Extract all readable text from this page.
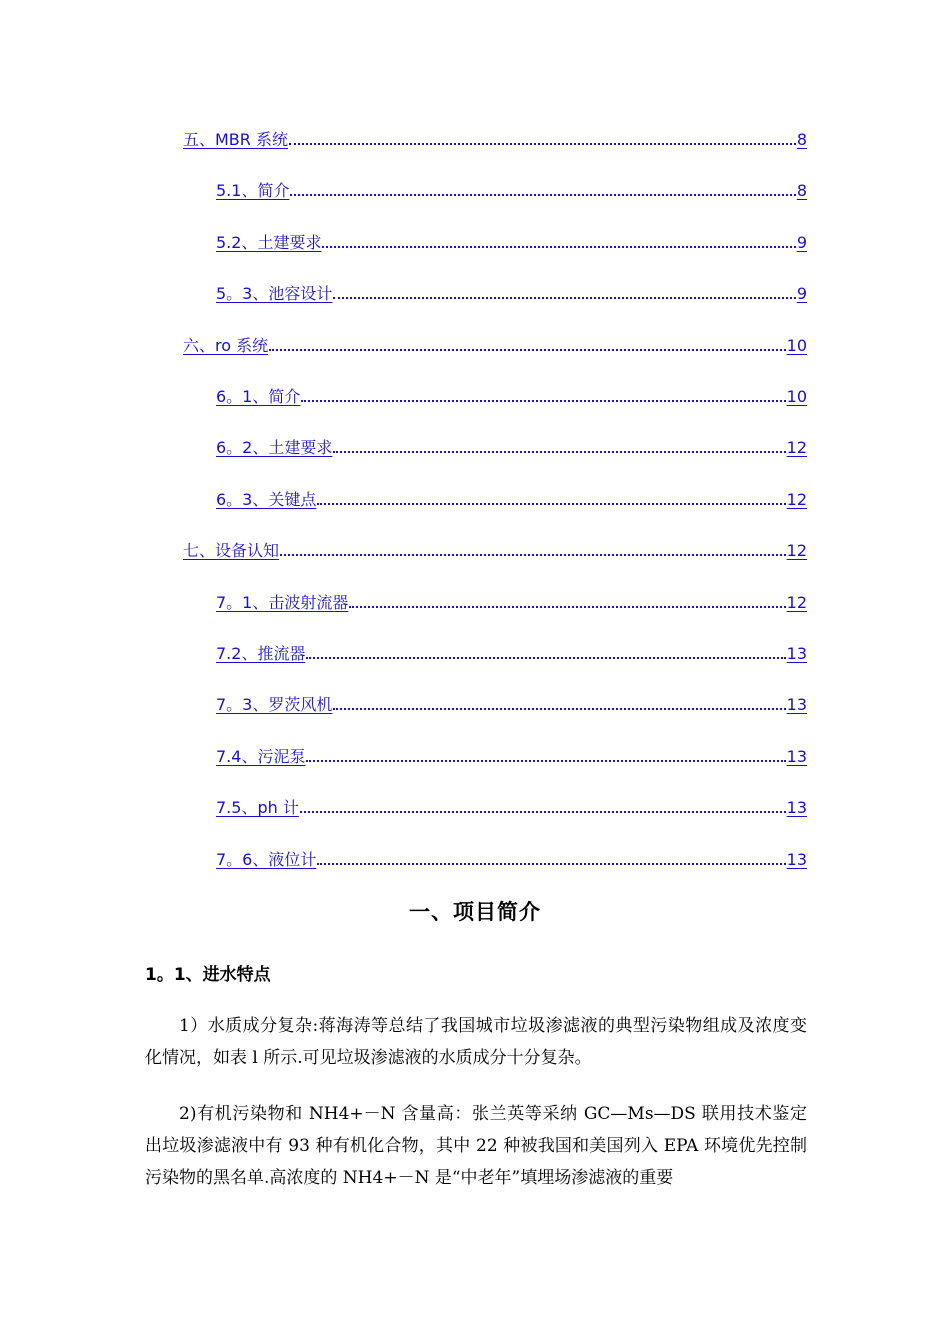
五、MBR 系统	8
5.1、简介	8
5.2、土建要求	9
5。3、池容设计	9
六、ro 系统	10
6。1、简介	10
6。2、土建要求	12
6。3、关键点	12
七、设备认知	12
7。1、击波射流器	12
7.2、推流器	13
7。3、罗茨风机	13
7.4、污泥泵	13
7.5、ph 计	13
7。6、液位计	13
一、项目简介
1。1、进水特点
1）水质成分复杂:蒋海涛等总结了我国城市垃圾渗滤液的典型污染物组成及浓度变化情况，如表 l 所示.可见垃圾渗滤液的水质成分十分复杂。
2)有机污染物和 NH4+－N 含量高：张兰英等采纳 GC—Ms—DS 联用技术鉴定出垃圾渗滤液中有 93 种有机化合物，其中 22 种被我国和美国列入 EPA 环境优先控制污染物的黑名单.高浓度的 NH4+－N 是“中老年”填埋场渗滤液的重要
